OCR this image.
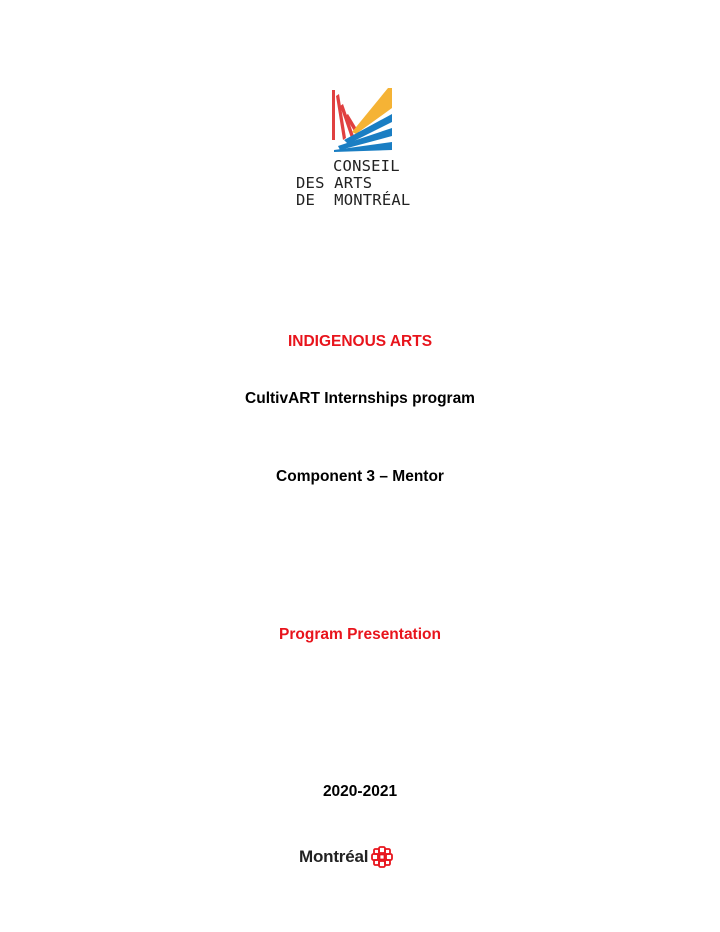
CONSEIL
DES ARTS
DE MONTRÉAL
INDIGENOUS ARTS
CultivART Internships program
Component 3 – Mentor
Program Presentation
2020-2021
Montréal
